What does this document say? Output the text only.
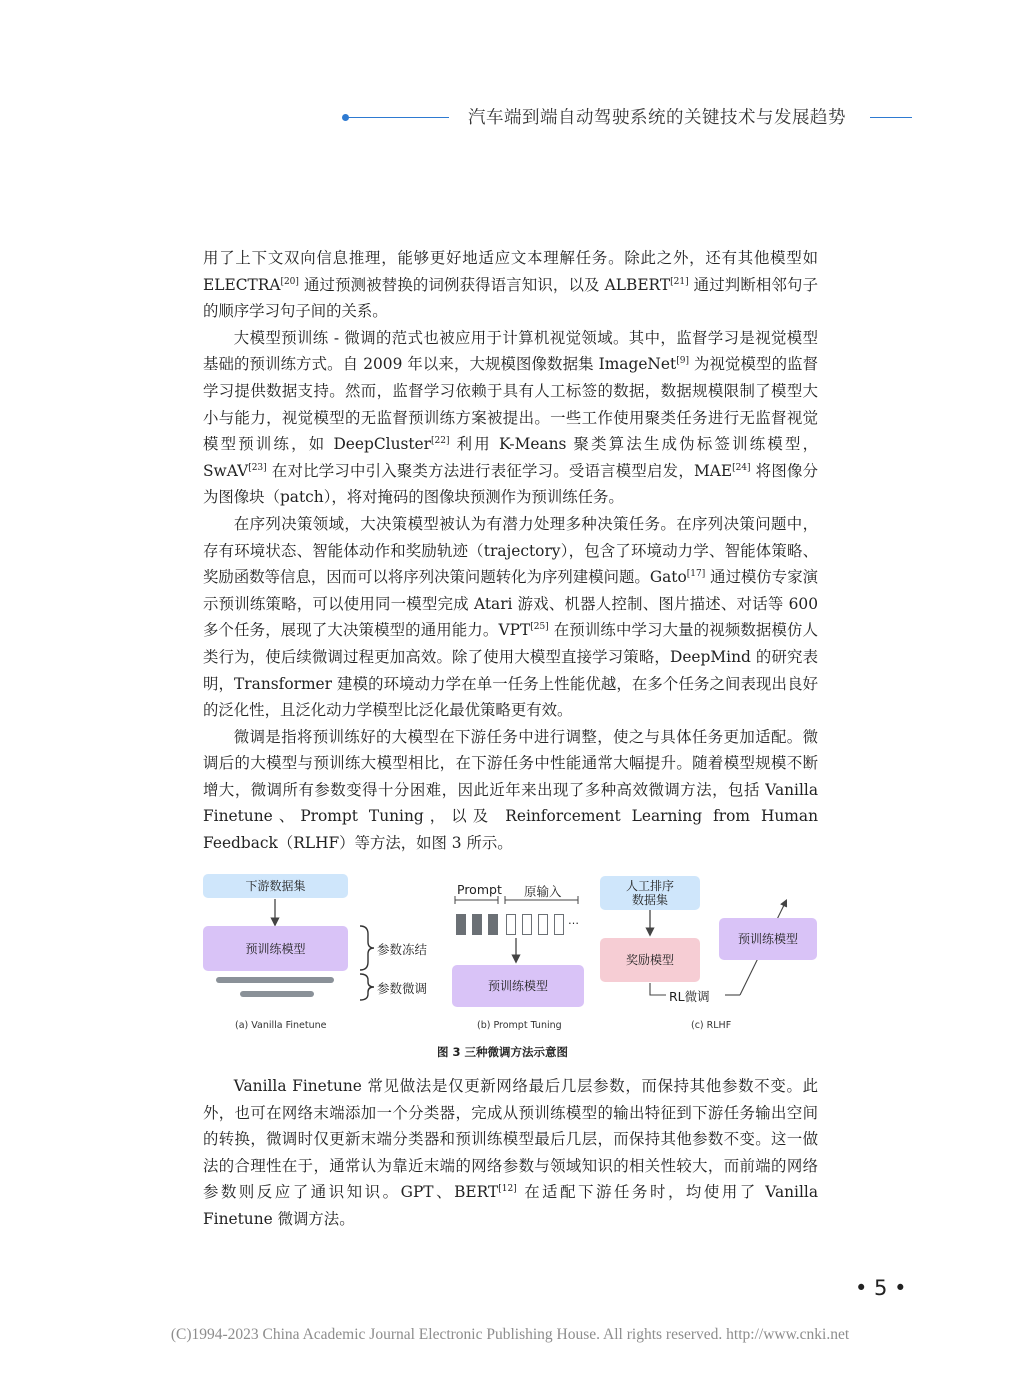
汽车端到端自动驾驶系统的关键技术与发展趋势

用了上下文双向信息推理，能够更好地适应文本理解任务。除此之外，还有其他模型如 ELECTRA[20] 通过预测被替换的词例获得语言知识，以及 ALBERT[21] 通过判断相邻句子的顺序学习句子间的关系。

大模型预训练 - 微调的范式也被应用于计算机视觉领域。其中，监督学习是视觉模型基础的预训练方式。自 2009 年以来，大规模图像数据集 ImageNet[9] 为视觉模型的监督学习提供数据支持。然而，监督学习依赖于具有人工标签的数据，数据规模限制了模型大小与能力，视觉模型的无监督预训练方案被提出。一些工作使用聚类任务进行无监督视觉模型预训练，如 DeepCluster[22] 利用 K-Means 聚类算法生成伪标签训练模型，SwAV[23] 在对比学习中引入聚类方法进行表征学习。受语言模型启发，MAE[24] 将图像分为图像块（patch），将对掩码的图像块预测作为预训练任务。

在序列决策领域，大决策模型被认为有潜力处理多种决策任务。在序列决策问题中，存有环境状态、智能体动作和奖励轨迹（trajectory），包含了环境动力学、智能体策略、奖励函数等信息，因而可以将序列决策问题转化为序列建模问题。Gato[17] 通过模仿专家演示预训练策略，可以使用同一模型完成 Atari 游戏、机器人控制、图片描述、对话等 600 多个任务，展现了大决策模型的通用能力。VPT[25] 在预训练中学习大量的视频数据模仿人类行为，使后续微调过程更加高效。除了使用大模型直接学习策略，DeepMind 的研究表明，Transformer 建模的环境动力学在单一任务上性能优越，在多个任务之间表现出良好的泛化性，且泛化动力学模型比泛化最优策略更有效。

微调是指将预训练好的大模型在下游任务中进行调整，使之与具体任务更加适配。微调后的大模型与预训练大模型相比，在下游任务中性能通常大幅提升。随着模型规模不断增大，微调所有参数变得十分困难，因此近年来出现了多种高效微调方法，包括 Vanilla Finetune、Prompt Tuning，以及 Reinforcement Learning from Human Feedback（RLHF）等方法，如图 3 所示。

下游数据集
预训练模型	参数冻结
参数微调
(a) Vanilla Finetune
Prompt 原输入
…
预训练模型
(b) Prompt Tuning
人工排序
数据集
奖励模型
预训练模型
RL微调
(c) RLHF
图 3 三种微调方法示意图

Vanilla Finetune 常见做法是仅更新网络最后几层参数，而保持其他参数不变。此外，也可在网络末端添加一个分类器，完成从预训练模型的输出特征到下游任务输出空间的转换，微调时仅更新末端分类器和预训练模型最后几层，而保持其他参数不变。这一做法的合理性在于，通常认为靠近末端的网络参数与领域知识的相关性较大，而前端的网络参数则反应了通识知识。GPT、BERT[12] 在适配下游任务时，均使用了 Vanilla Finetune 微调方法。

• 5 •
(C)1994-2023 China Academic Journal Electronic Publishing House. All rights reserved. http://www.cnki.net
